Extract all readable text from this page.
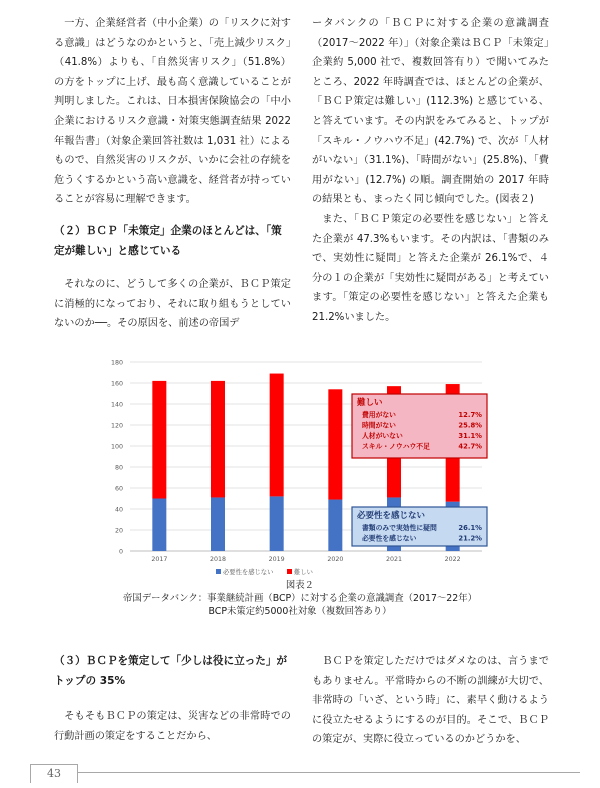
一方、企業経営者（中小企業）の「リスクに対する意識」はどうなのかというと、「売上減少リスク」（41.8%）よりも、「自然災害リスク」（51.8%）の方をトップに上げ、最も高く意識していることが判明しました。これは、日本損害保険協会の「中小企業におけるリスク意識・対策実態調査結果 2022 年報告書」（対象企業回答社数は 1,031 社）によるもので、自然災害のリスクが、いかに会社の存続を危うくするかという高い意識を、経営者が持っていることが容易に理解できます。

（２）ＢＣＰ「未策定」企業のほとんどは、「策
定が難しい」と感じている

それなのに、どうして多くの企業が、ＢＣＰ策定に消極的になっており、それに取り組もうとしていないのか──。その原因を、前述の帝国デ

ータバンクの「ＢＣＰに対する企業の意識調査（2017〜2022 年）」（対象企業はＢＣＰ「未策定」企業約 5,000 社で、複数回答有り）で聞いてみたところ、2022 年時調査では、ほとんどの企業が、「ＢＣＰ策定は難しい」(112.3%) と感じている、と答えています。その内訳をみてみると、トップが「スキル・ノウハウ不足」(42.7%) で、次が「人材がいない」（31.1%)、「時間がない」(25.8%)、「費用がない」(12.7%) の順。調査開始の 2017 年時の結果とも、まったく同じ傾向でした。(図表２)

また、「ＢＣＰ策定の必要性を感じない」と答えた企業が 47.3%もいます。その内訳は、「書類のみで、実効性に疑問」と答えた企業が 26.1%で、４分の１の企業が「実効性に疑問がある」と考えています。「策定の必要性を感じない」と答えた企業も21.2%いました。

0
20
40
60
80
100
120
140
160
180
2017	2018	2019	2020	2021	2022
必要性を感じない	難しい
難しい
費用がない	12.7%
時間がない	25.8%
人材がいない	31.1%
スキル・ノウハウ不足	42.7%
必要性を感じない
書類のみで実効性に疑問	26.1%
必要性を感じない	21.2%
図表２
帝国データバンク：事業継続計画（BCP）に対する企業の意識調査（2017〜22年）
BCP未策定約5000社対象（複数回答あり）

（３）ＢＣＰを策定して「少しは役に立った」が
トップの 35%

そもそもＢＣＰの策定は、災害などの非常時での行動計画の策定をすることだから、

ＢＣＰを策定しただけではダメなのは、言うまでもありません。平常時からの不断の訓練が大切で、非常時の「いざ、という時」に、素早く動けるように役立たせるようにするのが目的。そこで、ＢＣＰの策定が、実際に役立っているのかどうかを、

43
